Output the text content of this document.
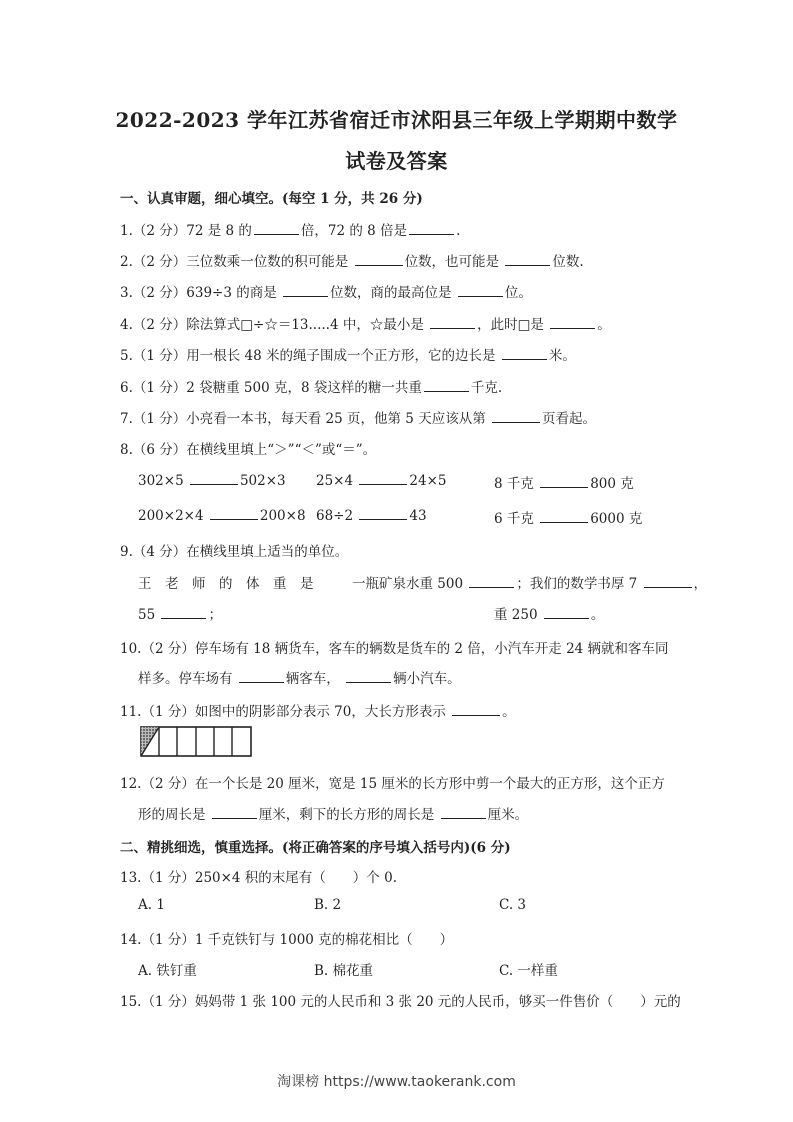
2022-2023 学年江苏省宿迁市沭阳县三年级上学期期中数学
试卷及答案
一、认真审题，细心填空。(每空 1 分，共 26 分)
1.（2 分）72 是 8 的	倍，72 的 8 倍是	.
2.（2 分）三位数乘一位数的积可能是	位数，也可能是	位数.
3.（2 分）639÷3 的商是	位数，商的最高位是	位。
4.（2 分）除法算式□÷☆＝13.....4 中，☆最小是	，此时□是	。
5.（1 分）用一根长 48 米的绳子围成一个正方形，它的边长是	米。
6.（1 分）2 袋糖重 500 克，8 袋这样的糖一共重	千克.
7.（1 分）小亮看一本书，每天看 25 页，他第 5 天应该从第	页看起。
8.（6 分）在横线里填上“＞”“＜”或“＝”。
302×5	502×3 25×4	24×5	8 千克	800 克
200×2×4	200×8 68÷2	43	6 千克	6000 克
9.（4 分）在横线里填上适当的单位。
王　老　师　的　体　重　是	一瓶矿泉水重 500	；我们的数学书厚 7	，
55	；	重 250	。
10.（2 分）停车场有 18 辆货车，客车的辆数是货车的 2 倍，小汽车开走 24 辆就和客车同
样多。停车场有	辆客车，	辆小汽车。
11.（1 分）如图中的阴影部分表示 70，大长方形表示	。
12.（2 分）在一个长是 20 厘米，宽是 15 厘米的长方形中剪一个最大的正方形，这个正方
形的周长是	厘米，剩下的长方形的周长是	厘米。
二、精挑细选，慎重选择。(将正确答案的序号填入括号内)(6 分)
13.（1 分）250×4 积的末尾有（　　）个 0.
A. 1	B. 2	C. 3
14.（1 分）1 千克铁钉与 1000 克的棉花相比（　　）
A. 铁钉重	B. 棉花重	C. 一样重
15.（1 分）妈妈带 1 张 100 元的人民币和 3 张 20 元的人民币，够买一件售价（　　）元的
淘课榜 https://www.taokerank.com
